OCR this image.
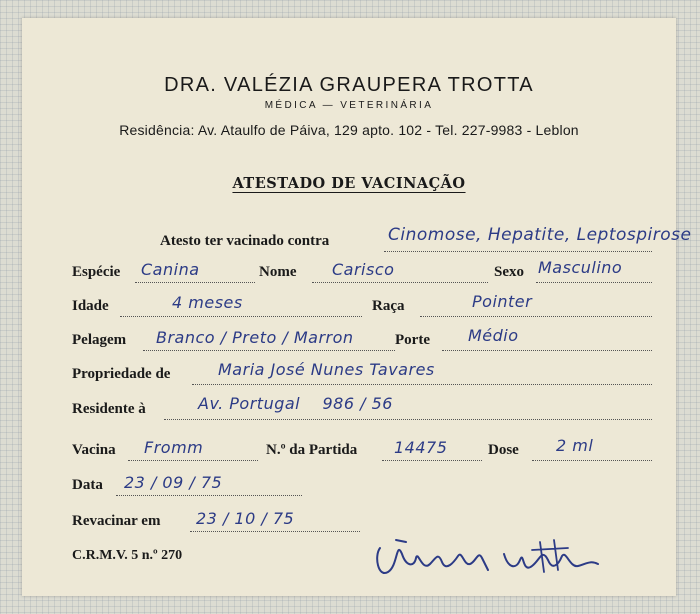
DRA. VALÉZIA GRAUPERA TROTTA
MÉDICA — VETERINÁRIA
Residência: Av. Ataulfo de Páiva, 129 apto. 102 - Tel. 227-9983 - Leblon
ATESTADO DE VACINAÇÃO
Atesto ter vacinado contra	Cinomose, Hepatite, Leptospirose
Espécie Canina	Nome Carisco	Sexo Masculino
Idade	4 meses	Raça	Pointer
Pelagem Branco / Preto / Marron	Porte Médio
Propriedade de	Maria José Nunes Tavares
Residente à	Av. Portugal    986 / 56
Vacina Fromm	N.º da Partida 14475	Dose 2 ml
Data 23 / 09 / 75
Revacinar em 23 / 10 / 75
C.R.M.V. 5 n.º 270
